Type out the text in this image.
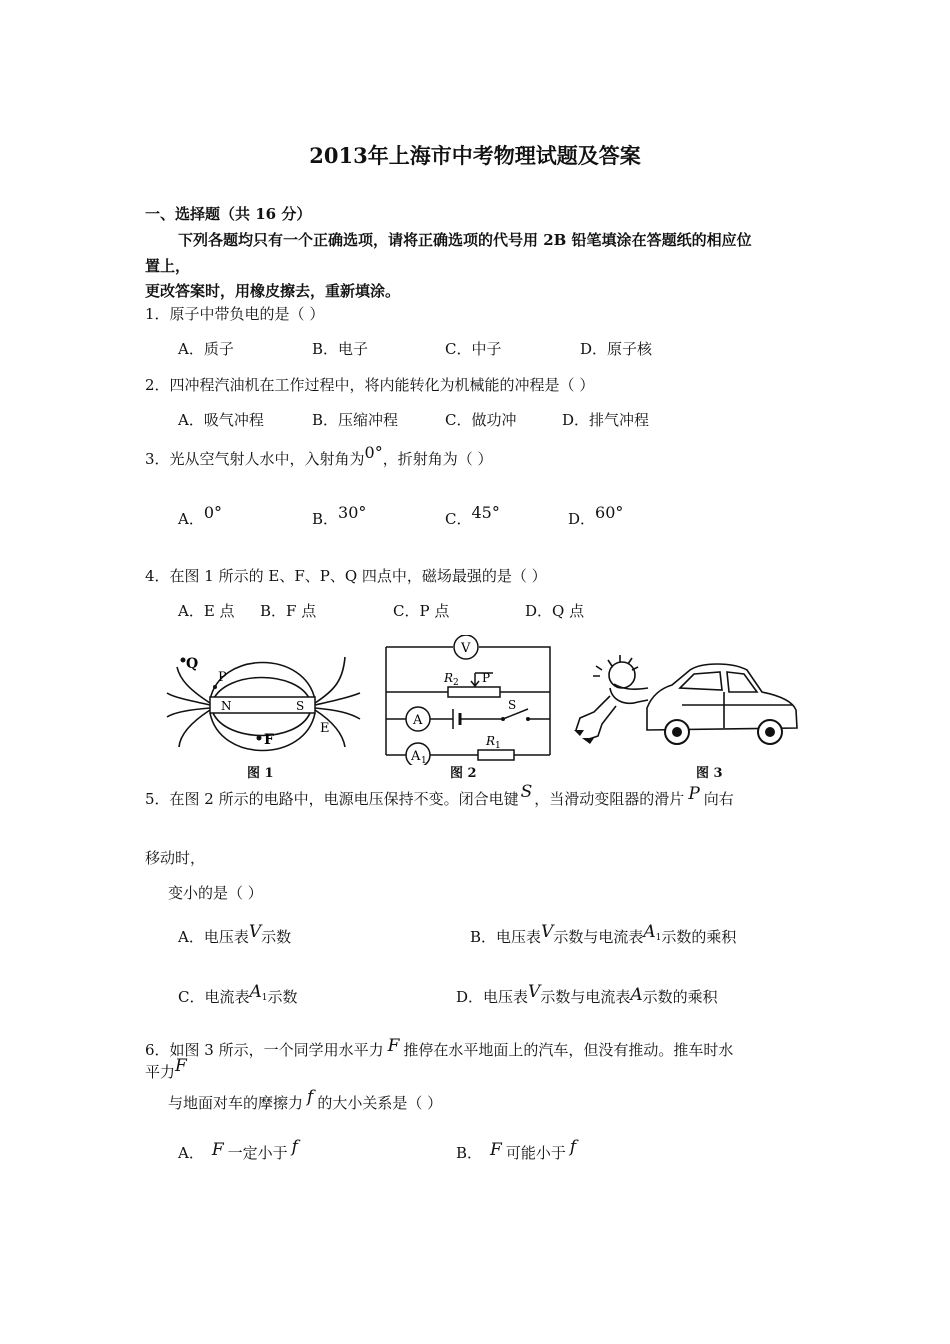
2013年上海市中考物理试题及答案
一、选择题（共 16 分）
下列各题均只有一个正确选项，请将正确选项的代号用 2B 铅笔填涂在答题纸的相应位
置上，
更改答案时，用橡皮擦去，重新填涂。
1．原子中带负电的是（ ）
A．质子	B．电子	C．中子	D．原子核
2．四冲程汽油机在工作过程中，将内能转化为机械能的冲程是（ ）
A．吸气冲程	B．压缩冲程	C．做功冲	D．排气冲程
3．光从空气射人水中，入射角为0°，折射角为（ ）
A．0°	B．30°	C．45°	D．60°
4．在图 1 所示的 E、F、P、Q 四点中，磁场最强的是（ ）
A．E 点 B．F 点	C．P 点	D．Q 点
Q
P
N	S
E
F
图 1
V
R 2 P
A
S
A 1
R 1
图 2	图 3
5．在图 2 所示的电路中，电源电压保持不变。闭合电键 S ，当滑动变阻器的滑片 P 向右
移动时，
变小的是（ ）
A．电压表V示数	B．电压表V示数与电流表A1示数的乘积
C．电流表A1示数	D．电压表V示数与电流表A示数的乘积
6．如图 3 所示，一个同学用水平力 F 推停在水平地面上的汽车，但没有推动。推车时水
平力F
与地面对车的摩擦力 f 的大小关系是（ ）
A． F 一定小于 f	B． F 可能小于 f
